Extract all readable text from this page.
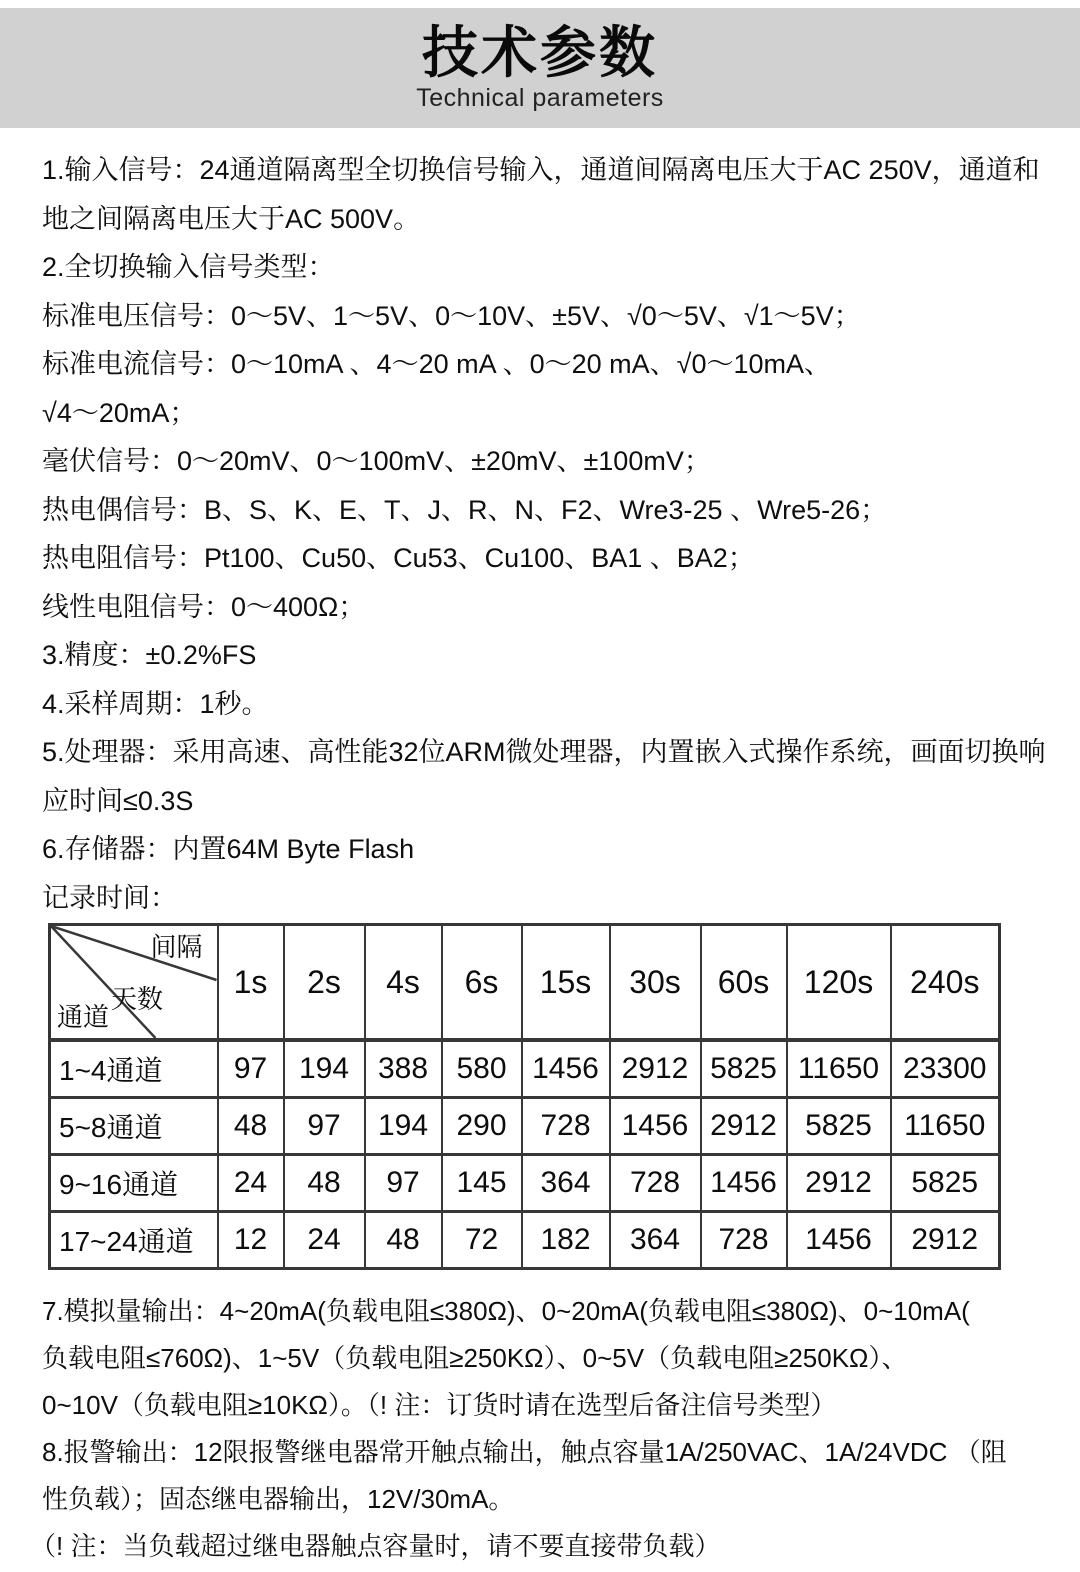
技术参数
Technical parameters
1.输入信号：24通道隔离型全切换信号输入，通道间隔离电压大于AC 250V，通道和
地之间隔离电压大于AC 500V。
2.全切换输入信号类型：
标准电压信号：0～5V、1～5V、0～10V、±5V、√0～5V、√1～5V；
标准电流信号：0～10mA 、4～20 mA 、0～20 mA、√0～10mA、
√4～20mA；
毫伏信号：0～20mV、0～100mV、±20mV、±100mV；
热电偶信号：B、S、K、E、T、J、R、N、F2、Wre3-25 、Wre5-26；
热电阻信号：Pt100、Cu50、Cu53、Cu100、BA1 、BA2；
线性电阻信号：0～400Ω；
3.精度：±0.2%FS
4.采样周期：1秒。
5.处理器：采用高速、高性能32位ARM微处理器，内置嵌入式操作系统，画面切换响
应时间≤0.3S
6.存储器：内置64M Byte Flash
记录时间：
间隔
天数
通道	1s	2s	4s	6s	15s	30s	60s	120s	240s
1~4通道	97	194	388	580	1456	2912	5825	11650	23300
5~8通道	48	97	194	290	728	1456	2912	5825	11650
9~16通道	24	48	97	145	364	728	1456	2912	5825
17~24通道	12	24	48	72	182	364	728	1456	2912
7.模拟量输出：4~20mA(负载电阻≤380Ω)、0~20mA(负载电阻≤380Ω)、0~10mA(
负载电阻≤760Ω)、1~5V（负载电阻≥250KΩ）、0~5V（负载电阻≥250KΩ）、
0~10V（负载电阻≥10KΩ）。（! 注：订货时请在选型后备注信号类型）
8.报警输出：12限报警继电器常开触点输出，触点容量1A/250VAC、1A/24VDC （阻
性负载）；固态继电器输出，12V/30mA。
（! 注：当负载超过继电器触点容量时，请不要直接带负载）
